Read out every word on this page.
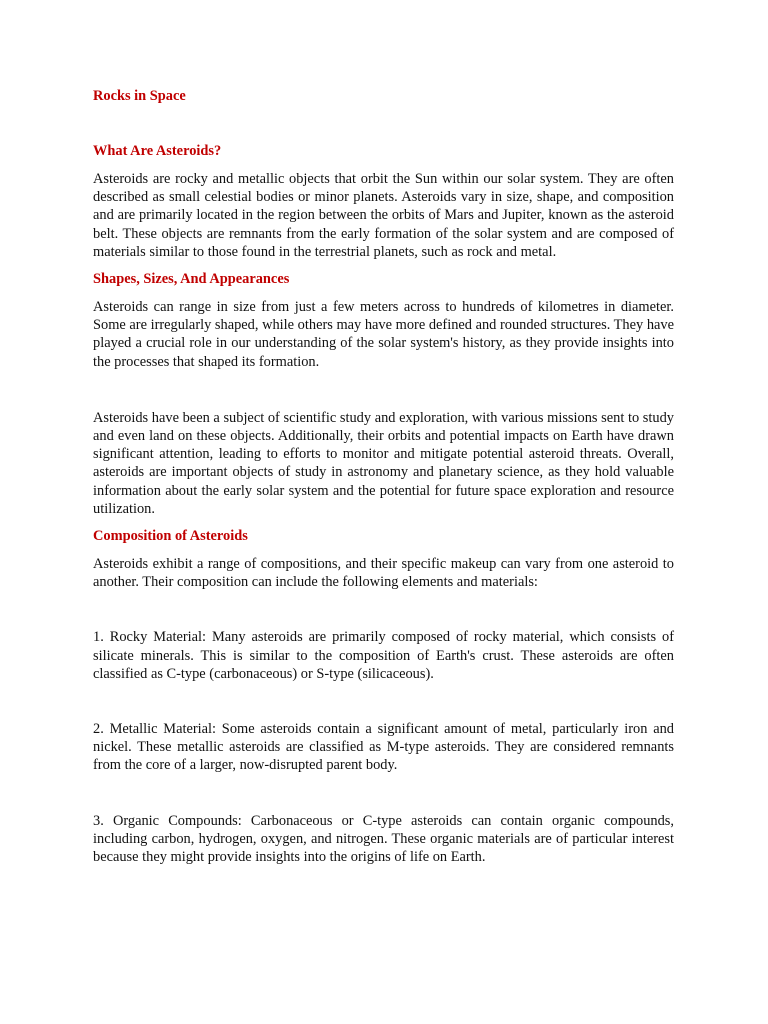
Rocks in Space

What Are Asteroids?

Asteroids are rocky and metallic objects that orbit the Sun within our solar system. They are often described as small celestial bodies or minor planets. Asteroids vary in size, shape, and composition and are primarily located in the region between the orbits of Mars and Jupiter, known as the asteroid belt. These objects are remnants from the early formation of the solar system and are composed of materials similar to those found in the terrestrial planets, such as rock and metal.

Shapes, Sizes, And Appearances

Asteroids can range in size from just a few meters across to hundreds of kilometres in diameter. Some are irregularly shaped, while others may have more defined and rounded structures. They have played a crucial role in our understanding of the solar system's history, as they provide insights into the processes that shaped its formation.

Asteroids have been a subject of scientific study and exploration, with various missions sent to study and even land on these objects. Additionally, their orbits and potential impacts on Earth have drawn significant attention, leading to efforts to monitor and mitigate potential asteroid threats. Overall, asteroids are important objects of study in astronomy and planetary science, as they hold valuable information about the early solar system and the potential for future space exploration and resource utilization.

Composition of Asteroids

Asteroids exhibit a range of compositions, and their specific makeup can vary from one asteroid to another. Their composition can include the following elements and materials:

1. Rocky Material: Many asteroids are primarily composed of rocky material, which consists of silicate minerals. This is similar to the composition of Earth's crust. These asteroids are often classified as C-type (carbonaceous) or S-type (silicaceous).

2. Metallic Material: Some asteroids contain a significant amount of metal, particularly iron and nickel. These metallic asteroids are classified as M-type asteroids. They are considered remnants from the core of a larger, now-disrupted parent body.

3. Organic Compounds: Carbonaceous or C-type asteroids can contain organic compounds, including carbon, hydrogen, oxygen, and nitrogen. These organic materials are of particular interest because they might provide insights into the origins of life on Earth.
